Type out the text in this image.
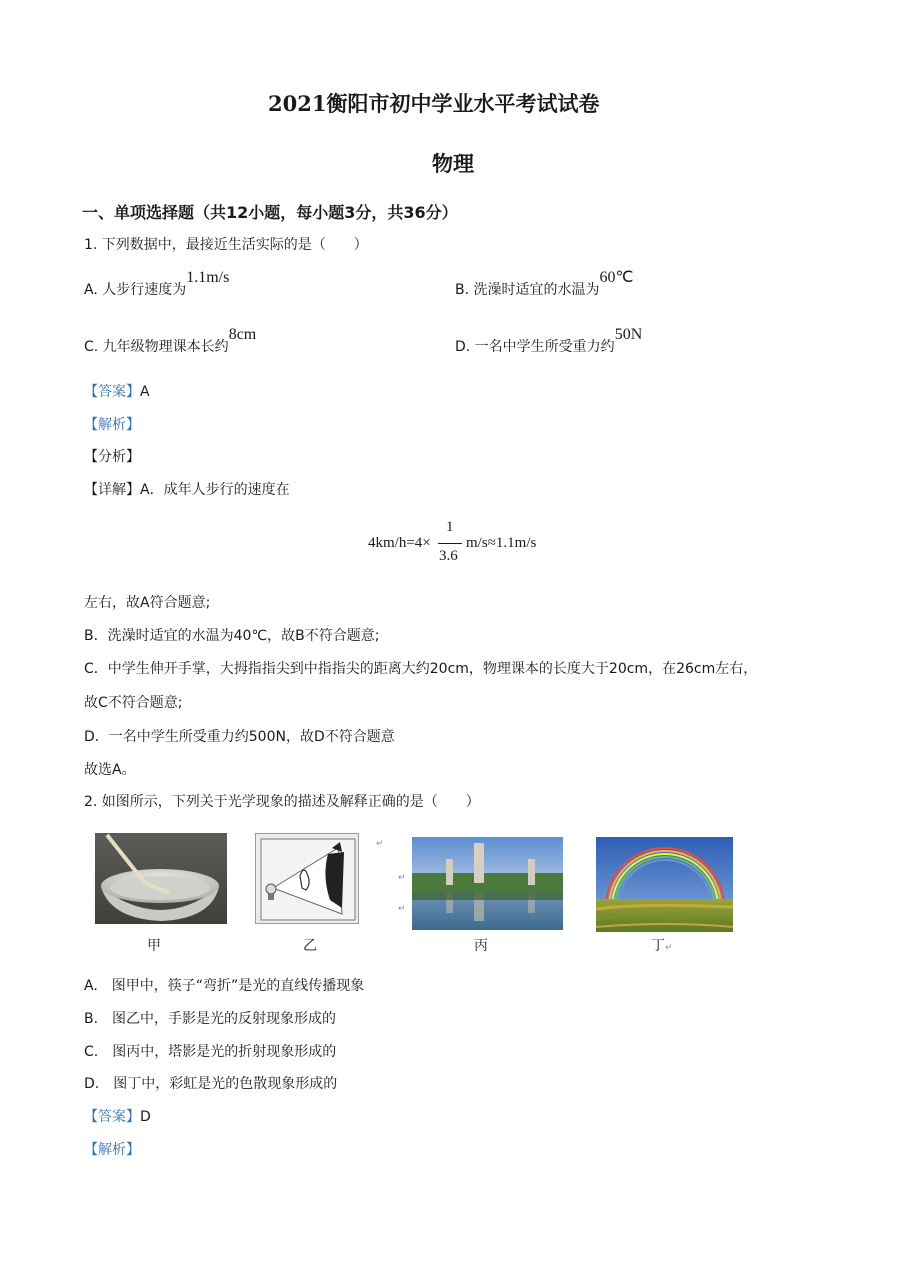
2021衡阳市初中学业水平考试试卷
物理
一、单项选择题（共12小题，每小题3分，共36分）
1. 下列数据中，最接近生活实际的是（　　）
A. 人步行速度为1.1m/s
B. 洗澡时适宜的水温为60℃
C. 九年级物理课本长约8cm
D. 一名中学生所受重力约50N
【答案】A
【解析】
【分析】
【详解】A．成年人步行的速度在
4km/h=4×
1
3.6
m/s≈1.1m/s
左右，故A符合题意;
B．洗澡时适宜的水温为40℃，故B不符合题意;
C．中学生伸开手掌，大拇指指尖到中指指尖的距离大约20cm，物理课本的长度大于20cm，在26cm左右，
故C不符合题意;
D．一名中学生所受重力约500N，故D不符合题意
故选A。
2. 如图所示，下列关于光学现象的描述及解释正确的是（　　）
甲	乙
↵
↵
↵
丙	丁↵
A.　图甲中，筷子“弯折”是光的直线传播现象
B.　图乙中，手影是光的反射现象形成的
C.　图丙中，塔影是光的折射现象形成的
D.　图丁中，彩虹是光的色散现象形成的
【答案】D
【解析】
